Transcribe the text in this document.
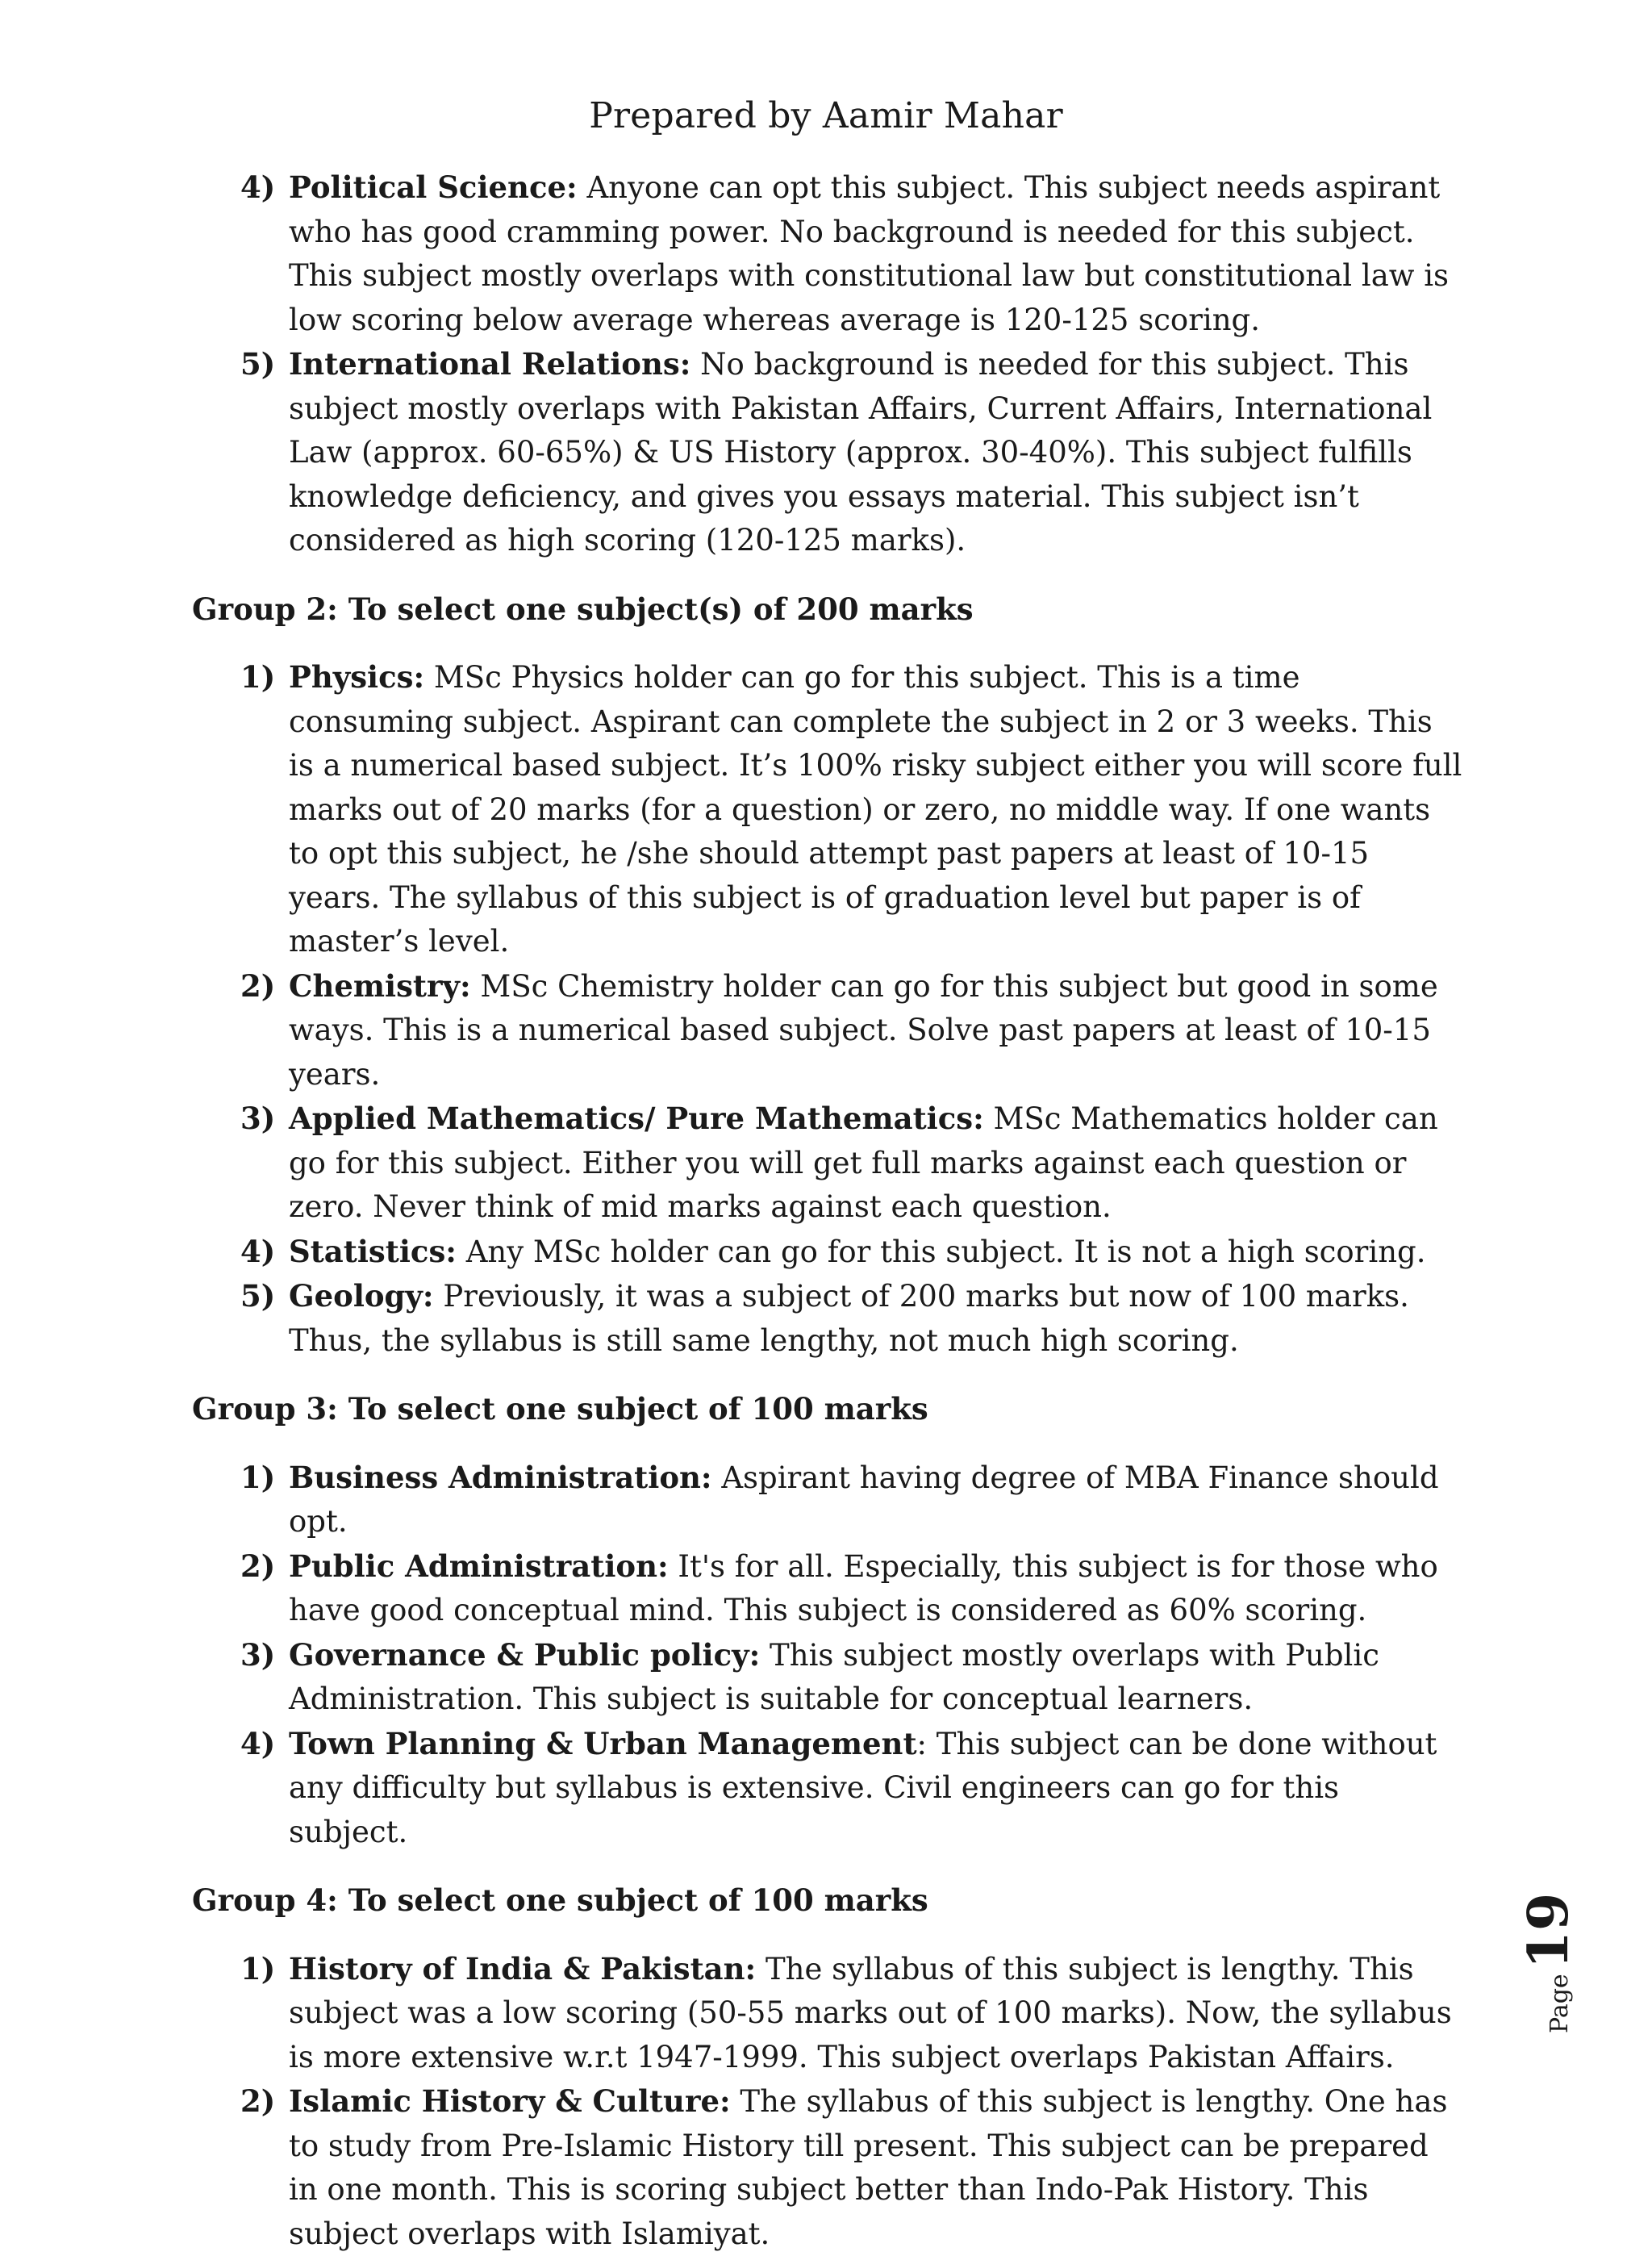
Prepared by Aamir Mahar
4) Political Science: Anyone can opt this subject. This subject needs aspirant who has good cramming power. No background is needed for this subject. This subject mostly overlaps with constitutional law but constitutional law is low scoring below average whereas average is 120-125 scoring.
5) International Relations: No background is needed for this subject. This subject mostly overlaps with Pakistan Affairs, Current Affairs, International Law (approx. 60-65%) & US History (approx. 30-40%). This subject fulfills knowledge deficiency, and gives you essays material. This subject isn’t considered as high scoring (120-125 marks).
Group 2: To select one subject(s) of 200 marks
1) Physics: MSc Physics holder can go for this subject. This is a time consuming subject. Aspirant can complete the subject in 2 or 3 weeks. This is a numerical based subject. It’s 100% risky subject either you will score full marks out of 20 marks (for a question) or zero, no middle way. If one wants to opt this subject, he /she should attempt past papers at least of 10-15 years. The syllabus of this subject is of graduation level but paper is of master’s level.
2) Chemistry: MSc Chemistry holder can go for this subject but good in some ways. This is a numerical based subject. Solve past papers at least of 10-15 years.
3) Applied Mathematics/ Pure Mathematics: MSc Mathematics holder can go for this subject. Either you will get full marks against each question or zero. Never think of mid marks against each question.
4) Statistics: Any MSc holder can go for this subject. It is not a high scoring.
5) Geology: Previously, it was a subject of 200 marks but now of 100 marks. Thus, the syllabus is still same lengthy, not much high scoring.
Group 3: To select one subject of 100 marks
1) Business Administration: Aspirant having degree of MBA Finance should opt.
2) Public Administration: It's for all. Especially, this subject is for those who have good conceptual mind. This subject is considered as 60% scoring.
3) Governance & Public policy: This subject mostly overlaps with Public Administration. This subject is suitable for conceptual learners.
4) Town Planning & Urban Management: This subject can be done without any difficulty but syllabus is extensive. Civil engineers can go for this subject.
Group 4: To select one subject of 100 marks
1) History of India & Pakistan: The syllabus of this subject is lengthy. This subject was a low scoring (50-55 marks out of 100 marks). Now, the syllabus is more extensive w.r.t 1947-1999. This subject overlaps Pakistan Affairs.
2) Islamic History & Culture: The syllabus of this subject is lengthy. One has to study from Pre-Islamic History till present. This subject can be prepared in one month. This is scoring subject better than Indo-Pak History. This subject overlaps with Islamiyat.
Page19
